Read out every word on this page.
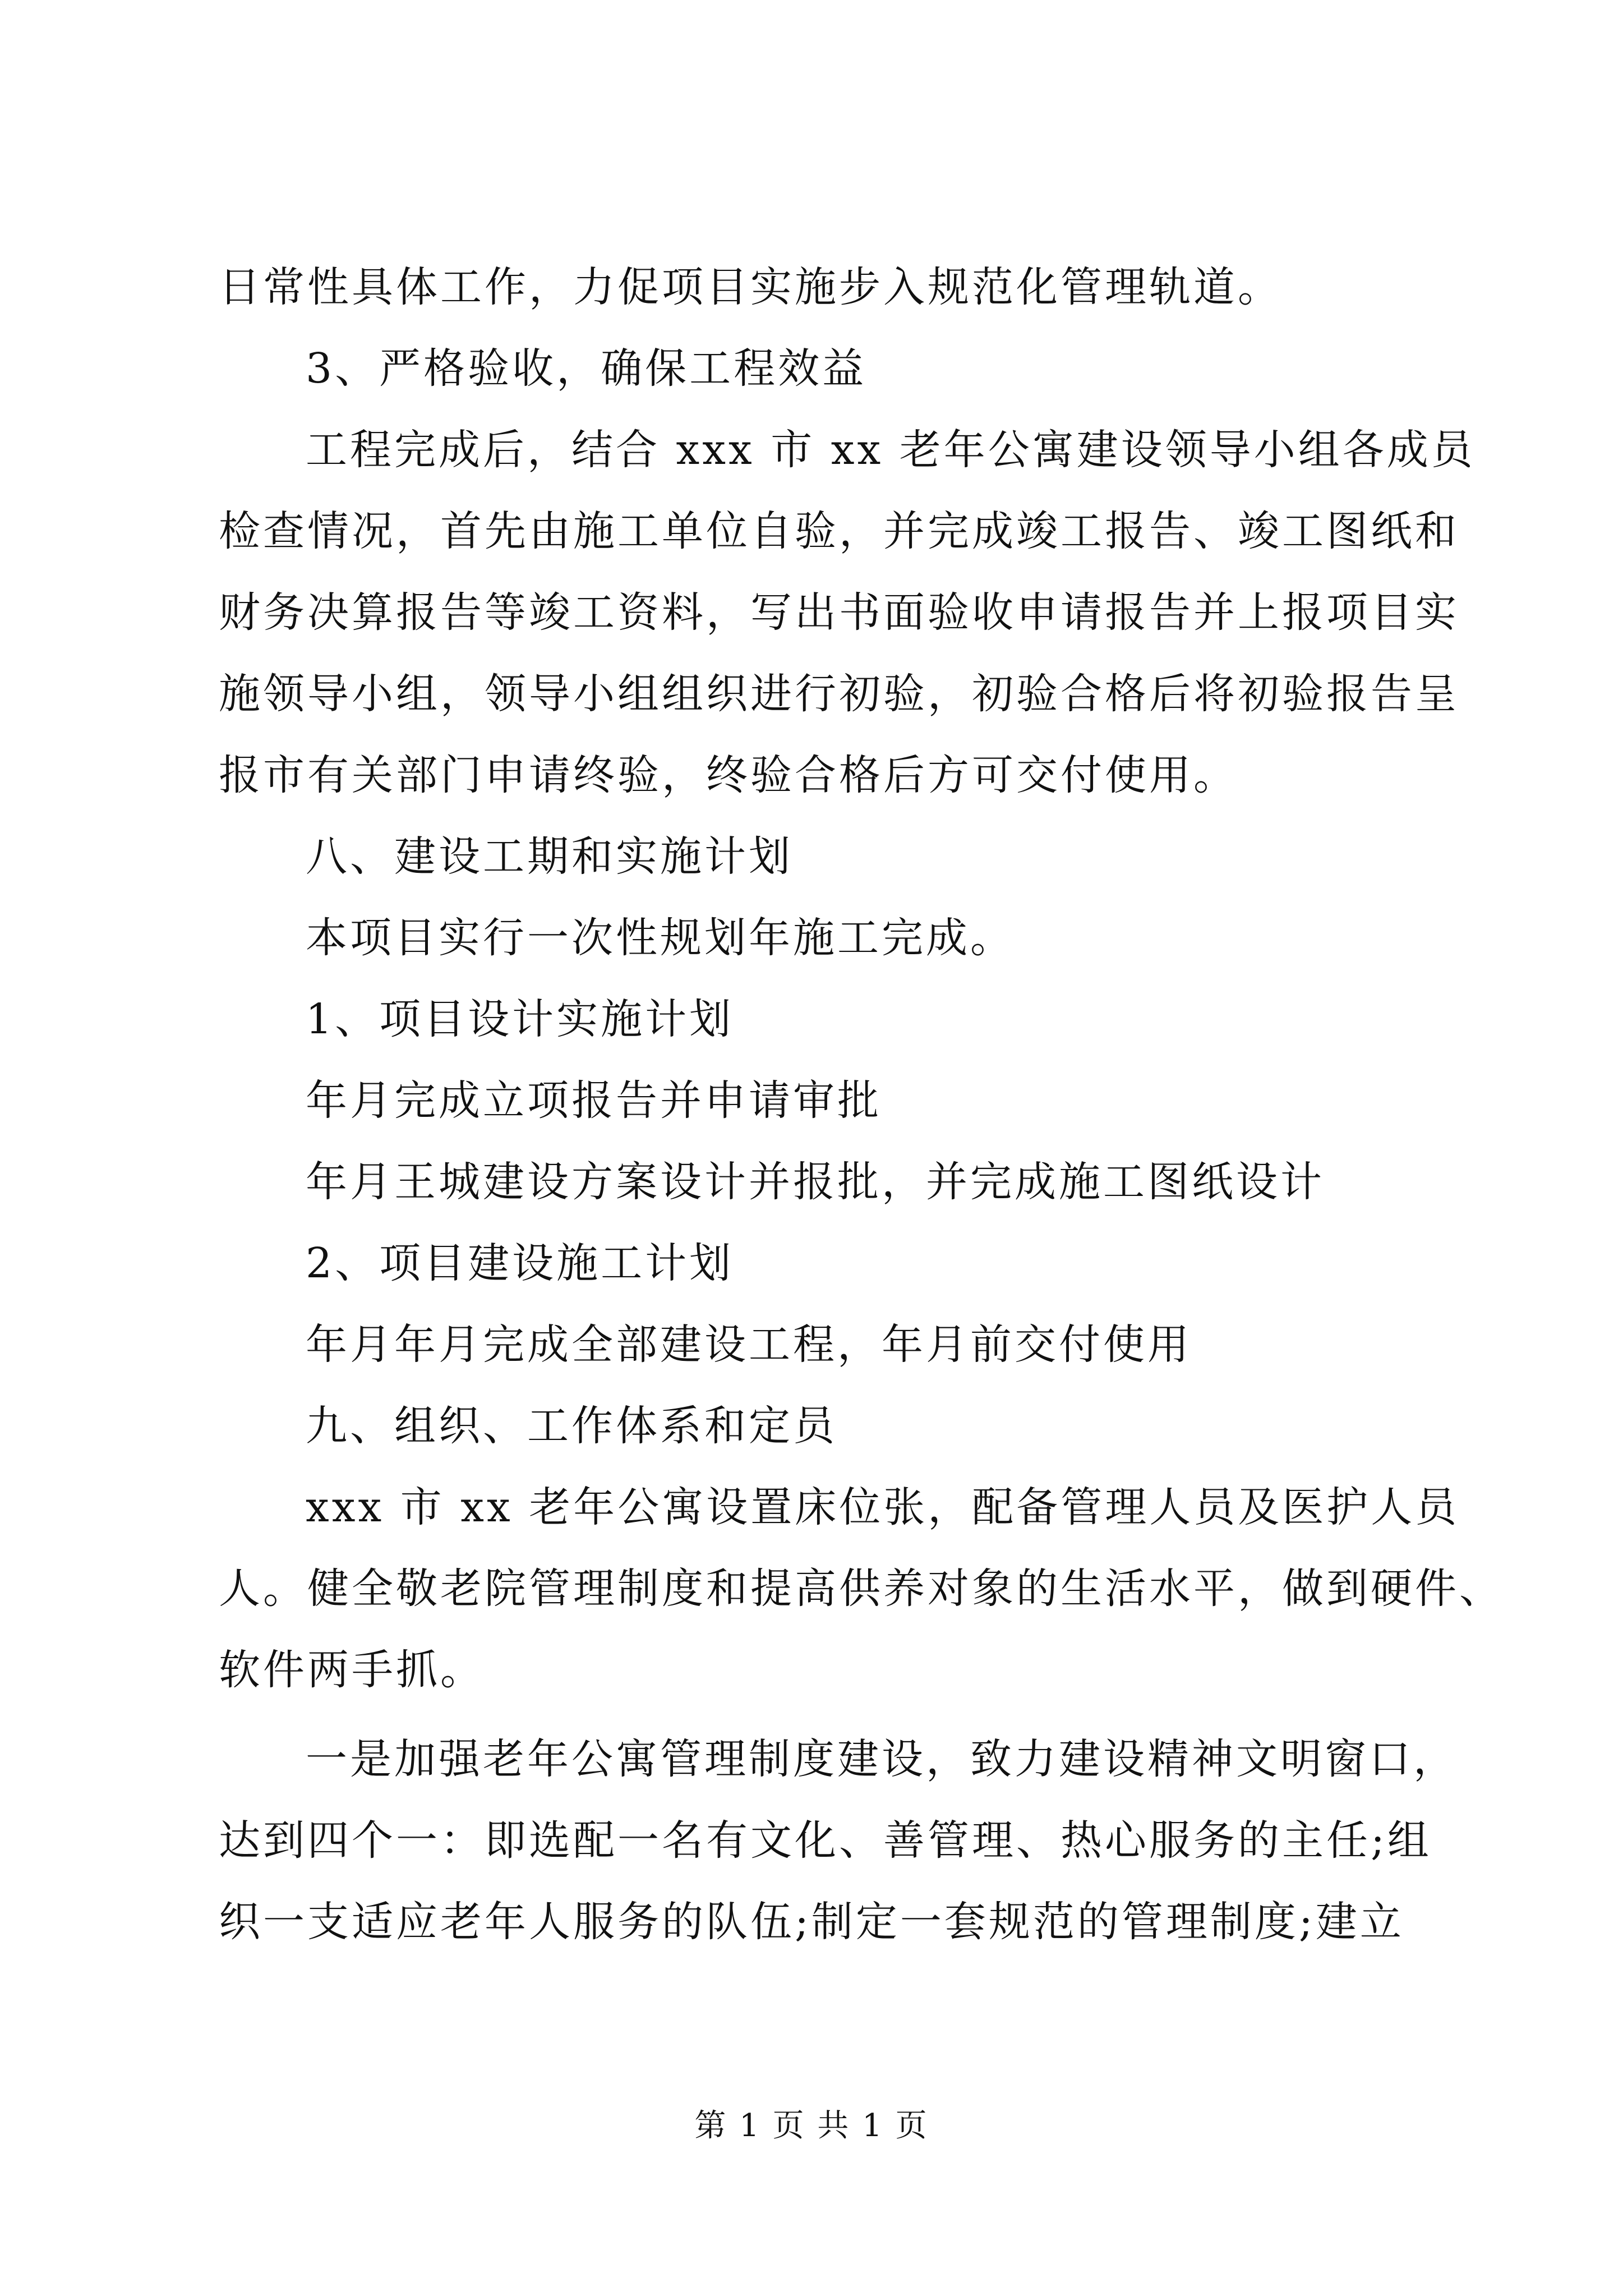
日常性具体工作，力促项目实施步入规范化管理轨道。
3、严格验收，确保工程效益
工程完成后，结合 xxx 市 xx 老年公寓建设领导小组各成员
检查情况，首先由施工单位自验，并完成竣工报告、竣工图纸和
财务决算报告等竣工资料，写出书面验收申请报告并上报项目实
施领导小组，领导小组组织进行初验，初验合格后将初验报告呈
报市有关部门申请终验，终验合格后方可交付使用。
八、建设工期和实施计划
本项目实行一次性规划年施工完成。
1、项目设计实施计划
年月完成立项报告并申请审批
年月王城建设方案设计并报批，并完成施工图纸设计
2、项目建设施工计划
年月年月完成全部建设工程，年月前交付使用
九、组织、工作体系和定员
xxx 市 xx 老年公寓设置床位张，配备管理人员及医护人员
人。健全敬老院管理制度和提高供养对象的生活水平，做到硬件、
软件两手抓。
一是加强老年公寓管理制度建设，致力建设精神文明窗口，
达到四个一：即选配一名有文化、善管理、热心服务的主任;组
织一支适应老年人服务的队伍;制定一套规范的管理制度;建立
第 1 页 共 1 页
